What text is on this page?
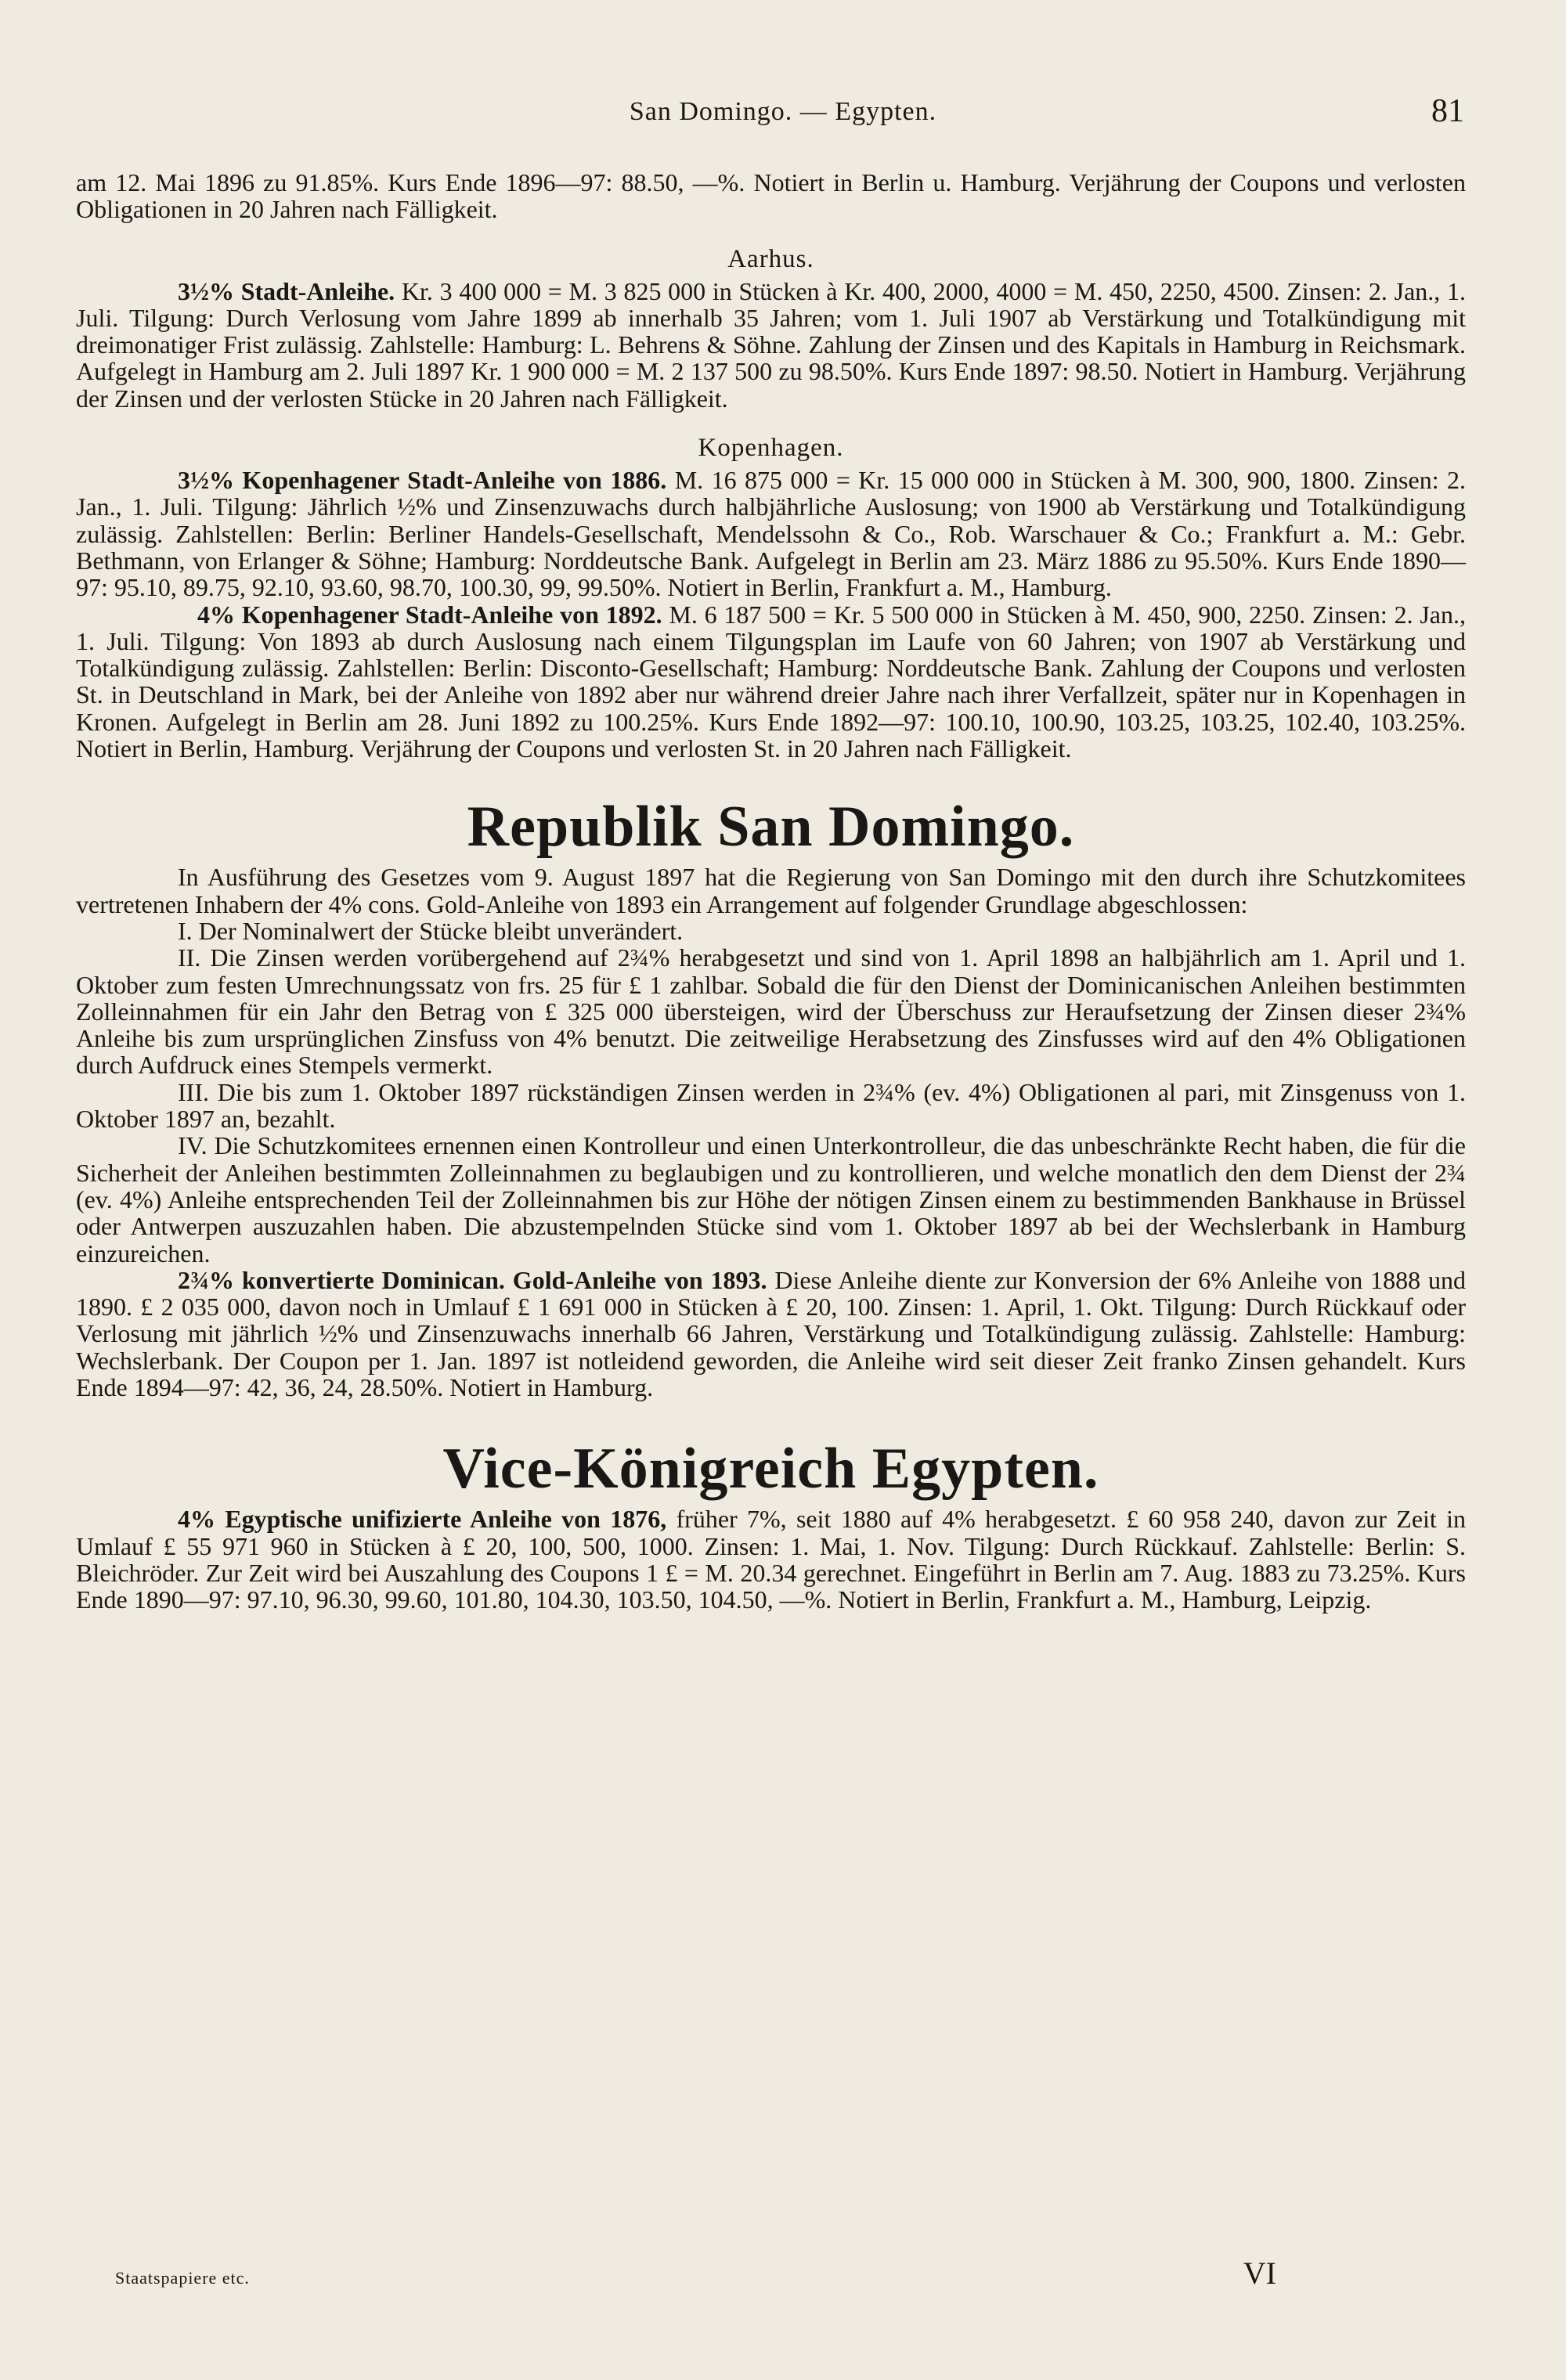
San Domingo. — Egypten.	81

am 12. Mai 1896 zu 91.85%. Kurs Ende 1896—97: 88.50, —%. Notiert in Berlin u. Hamburg. Verjährung der Coupons und verlosten Obligationen in 20 Jahren nach Fälligkeit.

Aarhus.

3½% Stadt-Anleihe. Kr. 3 400 000 = M. 3 825 000 in Stücken à Kr. 400, 2000, 4000 = M. 450, 2250, 4500. Zinsen: 2. Jan., 1. Juli. Tilgung: Durch Verlosung vom Jahre 1899 ab innerhalb 35 Jahren; vom 1. Juli 1907 ab Verstärkung und Totalkündigung mit dreimonatiger Frist zulässig. Zahlstelle: Hamburg: L. Behrens & Söhne. Zahlung der Zinsen und des Kapitals in Hamburg in Reichsmark. Aufgelegt in Hamburg am 2. Juli 1897 Kr. 1 900 000 = M. 2 137 500 zu 98.50%. Kurs Ende 1897: 98.50. Notiert in Hamburg. Verjährung der Zinsen und der verlosten Stücke in 20 Jahren nach Fälligkeit.

Kopenhagen.

3½% Kopenhagener Stadt-Anleihe von 1886. M. 16 875 000 = Kr. 15 000 000 in Stücken à M. 300, 900, 1800. Zinsen: 2. Jan., 1. Juli. Tilgung: Jährlich ½% und Zinsenzuwachs durch halbjährliche Auslosung; von 1900 ab Verstärkung und Totalkündigung zulässig. Zahlstellen: Berlin: Berliner Handels-Gesellschaft, Mendelssohn & Co., Rob. Warschauer & Co.; Frankfurt a. M.: Gebr. Bethmann, von Erlanger & Söhne; Hamburg: Norddeutsche Bank. Aufgelegt in Berlin am 23. März 1886 zu 95.50%. Kurs Ende 1890—97: 95.10, 89.75, 92.10, 93.60, 98.70, 100.30, 99, 99.50%. Notiert in Berlin, Frankfurt a. M., Hamburg.

4% Kopenhagener Stadt-Anleihe von 1892. M. 6 187 500 = Kr. 5 500 000 in Stücken à M. 450, 900, 2250. Zinsen: 2. Jan., 1. Juli. Tilgung: Von 1893 ab durch Auslosung nach einem Tilgungsplan im Laufe von 60 Jahren; von 1907 ab Verstärkung und Totalkündigung zulässig. Zahlstellen: Berlin: Disconto-Gesellschaft; Hamburg: Norddeutsche Bank. Zahlung der Coupons und verlosten St. in Deutschland in Mark, bei der Anleihe von 1892 aber nur während dreier Jahre nach ihrer Verfallzeit, später nur in Kopenhagen in Kronen. Aufgelegt in Berlin am 28. Juni 1892 zu 100.25%. Kurs Ende 1892—97: 100.10, 100.90, 103.25, 103.25, 102.40, 103.25%. Notiert in Berlin, Hamburg. Verjährung der Coupons und verlosten St. in 20 Jahren nach Fälligkeit.

Republik San Domingo.

In Ausführung des Gesetzes vom 9. August 1897 hat die Regierung von San Domingo mit den durch ihre Schutzkomitees vertretenen Inhabern der 4% cons. Gold-Anleihe von 1893 ein Arrangement auf folgender Grundlage abgeschlossen:

I. Der Nominalwert der Stücke bleibt unverändert.

II. Die Zinsen werden vorübergehend auf 2¾% herabgesetzt und sind von 1. April 1898 an halbjährlich am 1. April und 1. Oktober zum festen Umrechnungssatz von frs. 25 für £ 1 zahlbar. Sobald die für den Dienst der Dominicanischen Anleihen bestimmten Zolleinnahmen für ein Jahr den Betrag von £ 325 000 übersteigen, wird der Überschuss zur Heraufsetzung der Zinsen dieser 2¾% Anleihe bis zum ursprünglichen Zinsfuss von 4% benutzt. Die zeitweilige Herabsetzung des Zinsfusses wird auf den 4% Obligationen durch Aufdruck eines Stempels vermerkt.

III. Die bis zum 1. Oktober 1897 rückständigen Zinsen werden in 2¾% (ev. 4%) Obligationen al pari, mit Zinsgenuss von 1. Oktober 1897 an, bezahlt.

IV. Die Schutzkomitees ernennen einen Kontrolleur und einen Unterkontrolleur, die das unbeschränkte Recht haben, die für die Sicherheit der Anleihen bestimmten Zolleinnahmen zu beglaubigen und zu kontrollieren, und welche monatlich den dem Dienst der 2¾ (ev. 4%) Anleihe entsprechenden Teil der Zolleinnahmen bis zur Höhe der nötigen Zinsen einem zu bestimmenden Bankhause in Brüssel oder Antwerpen auszuzahlen haben. Die abzustempelnden Stücke sind vom 1. Oktober 1897 ab bei der Wechslerbank in Hamburg einzureichen.

2¾% konvertierte Dominican. Gold-Anleihe von 1893. Diese Anleihe diente zur Konversion der 6% Anleihe von 1888 und 1890. £ 2 035 000, davon noch in Umlauf £ 1 691 000 in Stücken à £ 20, 100. Zinsen: 1. April, 1. Okt. Tilgung: Durch Rückkauf oder Verlosung mit jährlich ½% und Zinsenzuwachs innerhalb 66 Jahren, Verstärkung und Totalkündigung zulässig. Zahlstelle: Hamburg: Wechslerbank. Der Coupon per 1. Jan. 1897 ist notleidend geworden, die Anleihe wird seit dieser Zeit franko Zinsen gehandelt. Kurs Ende 1894—97: 42, 36, 24, 28.50%. Notiert in Hamburg.

Vice-Königreich Egypten.

4% Egyptische unifizierte Anleihe von 1876, früher 7%, seit 1880 auf 4% herabgesetzt. £ 60 958 240, davon zur Zeit in Umlauf £ 55 971 960 in Stücken à £ 20, 100, 500, 1000. Zinsen: 1. Mai, 1. Nov. Tilgung: Durch Rückkauf. Zahlstelle: Berlin: S. Bleichröder. Zur Zeit wird bei Auszahlung des Coupons 1 £ = M. 20.34 gerechnet. Eingeführt in Berlin am 7. Aug. 1883 zu 73.25%. Kurs Ende 1890—97: 97.10, 96.30, 99.60, 101.80, 104.30, 103.50, 104.50, —%. Notiert in Berlin, Frankfurt a. M., Hamburg, Leipzig.

Staatspapiere etc.	VI
